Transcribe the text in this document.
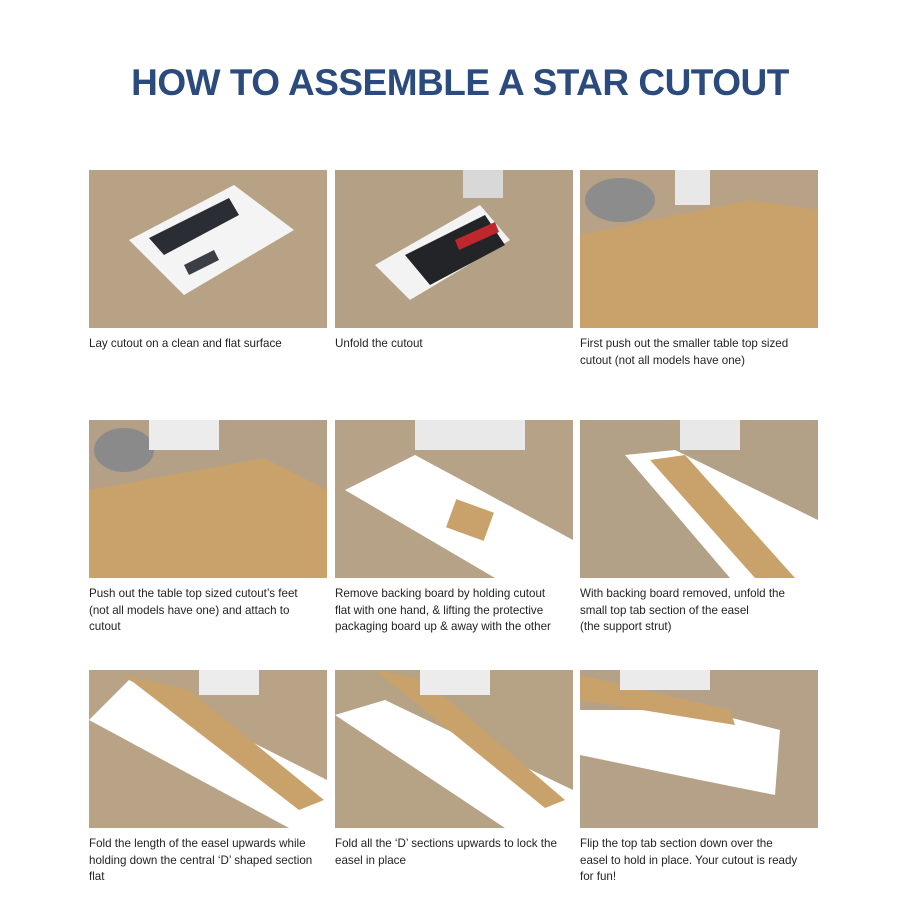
HOW TO ASSEMBLE A STAR CUTOUT
Lay cutout on a clean and flat surface	Unfold the cutout	First push out the smaller table top sized
cutout (not all models have one)
Push out the table top sized cutout’s feet
(not all models have one) and attach to
cutout
Remove backing board by holding cutout
flat with one hand, & lifting the protective
packaging board up & away with the other
With backing board removed, unfold the
small top tab section of the easel
(the support strut)
Fold the length of the easel upwards while
holding down the central ‘D’ shaped section
flat
Fold all the ‘D’ sections upwards to lock the
easel in place
Flip the top tab section down over the
easel to hold in place. Your cutout is ready
for fun!
